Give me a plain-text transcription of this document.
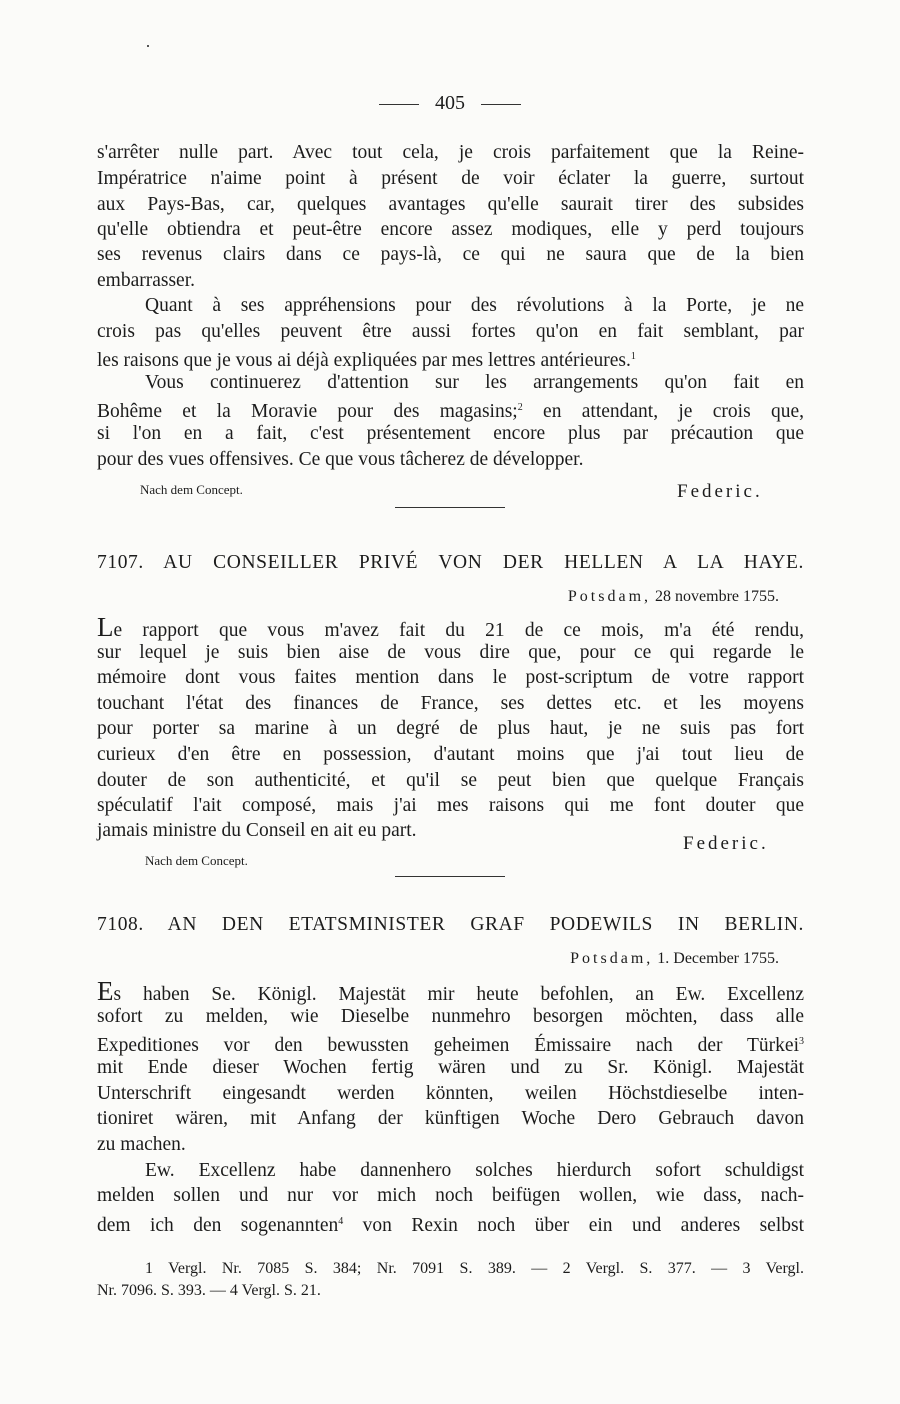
405
s'arrêter nulle part. Avec tout cela, je crois parfaitement que la Reine-
Impératrice n'aime point à présent de voir éclater la guerre, surtout
aux Pays-Bas, car, quelques avantages qu'elle saurait tirer des subsides
qu'elle obtiendra et peut-être encore assez modiques, elle y perd toujours
ses revenus clairs dans ce pays-là, ce qui ne saura que de la bien
embarrasser.
Quant à ses appréhensions pour des révolutions à la Porte, je ne
crois pas qu'elles peuvent être aussi fortes qu'on en fait semblant, par
les raisons que je vous ai déjà expliquées par mes lettres antérieures.$^1$
Vous continuerez d'attention sur les arrangements qu'on fait en
Bohême et la Moravie pour des magasins;$^2$ en attendant, je crois que,
si l'on en a fait, c'est présentement encore plus par précaution que
pour des vues offensives. Ce que vous tâcherez de développer.
Nach dem Concept.	Federic.
7107. AU CONSEILLER PRIVÉ VON DER HELLEN A LA HAYE.
Potsdam, 28 novembre 1755.
Le rapport que vous m'avez fait du 21 de ce mois, m'a été rendu,
sur lequel je suis bien aise de vous dire que, pour ce qui regarde le
mémoire dont vous faites mention dans le post-scriptum de votre rapport
touchant l'état des finances de France, ses dettes etc. et les moyens
pour porter sa marine à un degré de plus haut, je ne suis pas fort
curieux d'en être en possession, d'autant moins que j'ai tout lieu de
douter de son authenticité, et qu'il se peut bien que quelque Français
spéculatif l'ait composé, mais j'ai mes raisons qui me font douter que
jamais ministre du Conseil en ait eu part.
Federic.
Nach dem Concept.
7108. AN DEN ETATSMINISTER GRAF PODEWILS IN BERLIN.
Potsdam, 1. December 1755.
Es haben Se. Königl. Majestät mir heute befohlen, an Ew. Excellenz
sofort zu melden, wie Dieselbe nunmehro besorgen möchten, dass alle
Expeditiones vor den bewussten geheimen Émissaire nach der Türkei$^3$
mit Ende dieser Wochen fertig wären und zu Sr. Königl. Majestät
Unterschrift eingesandt werden könnten, weilen Höchstdieselbe inten-
tioniret wären, mit Anfang der künftigen Woche Dero Gebrauch davon
zu machen.
Ew. Excellenz habe dannenhero solches hierdurch sofort schuldigst
melden sollen und nur vor mich noch beifügen wollen, wie dass, nach-
dem ich den sogenannten$^4$ von Rexin noch über ein und anderes selbst
1 Vergl. Nr. 7085 S. 384; Nr. 7091 S. 389. — 2 Vergl. S. 377. — 3 Vergl.
Nr. 7096. S. 393. — 4 Vergl. S. 21.
